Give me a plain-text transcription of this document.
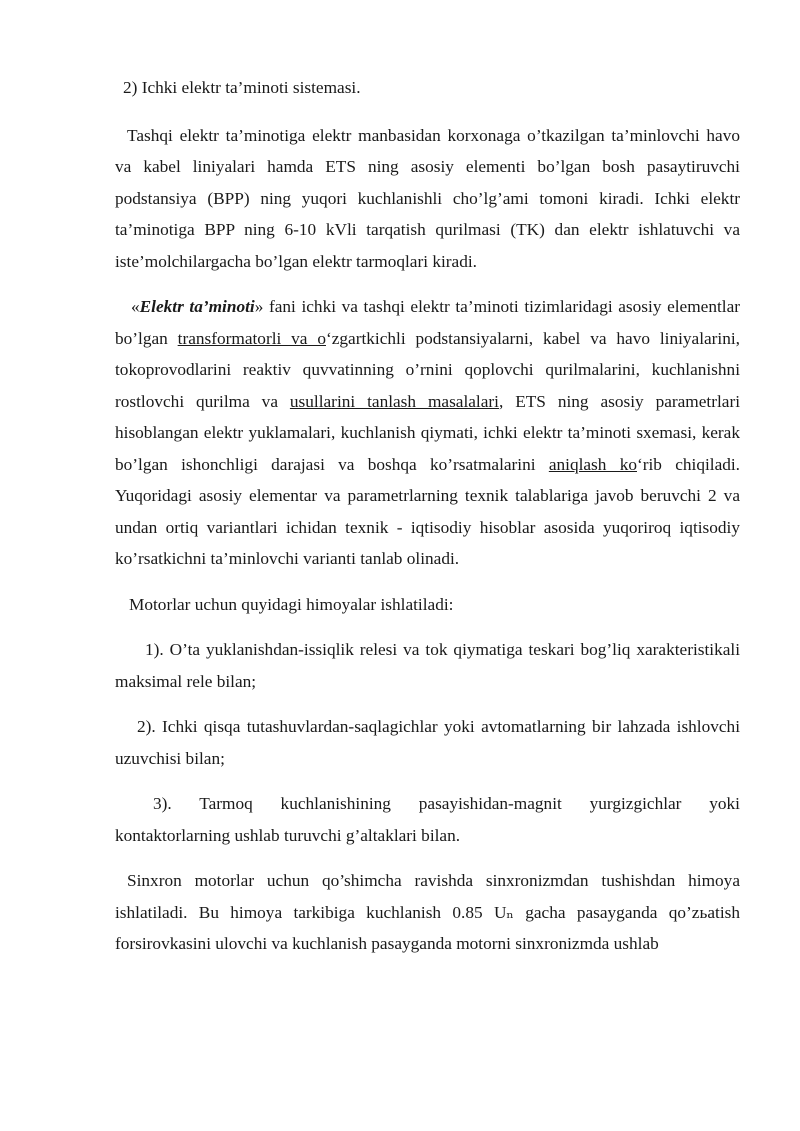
2) Ichki elektr ta’minoti sistemasi.

Tashqi elektr ta’minotiga elektr manbasidan korxonaga o’tkazilgan ta’minlovchi havo va kabel liniyalari hamda ETS ning asosiy elementi bo’lgan bosh pasaytiruvchi podstansiya (BPP) ning yuqori kuchlanishli cho’lg’ami tomoni kiradi. Ichki elektr ta’minotiga BPP ning 6-10 kVli tarqatish qurilmasi (TK) dan elektr ishlatuvchi va iste’molchilargacha bo’lgan elektr tarmoqlari kiradi.

«Elektr ta’minoti» fani ichki va tashqi elektr ta’minoti tizimlaridagi asosiy elementlar bo’lgan transformatorli va o‘zgartkichli podstansiyalarni, kabel va havo liniyalarini, tokoprovodlarini reaktiv quvvatinning o’rnini qoplovchi qurilmalarini, kuchlanishni rostlovchi qurilma va usullarini tanlash masalalari, ETS ning asosiy parametrlari hisoblangan elektr yuklamalari, kuchlanish qiymati, ichki elektr ta’minoti sxemasi, kerak bo’lgan ishonchligi darajasi va boshqa ko’rsatmalarini aniqlash ko‘rib chiqiladi. Yuqoridagi asosiy elementar va parametrlarning texnik talablariga javob beruvchi 2 va undan ortiq variantlari ichidan texnik - iqtisodiy hisoblar asosida yuqoriroq iqtisodiy ko’rsatkichni ta’minlovchi varianti tanlab olinadi.

Motorlar uchun quyidagi himoyalar ishlatiladi:

1). O’ta yuklanishdan-issiqlik relesi va tok qiymatiga teskari bog’liq xarakteristikali maksimal rele bilan;

2). Ichki qisqa tutashuvlardan-saqlagichlar yoki avtomatlarning bir lahzada ishlovchi uzuvchisi bilan;

3). Tarmoq kuchlanishining pasayishidan-magnit yurgizgichlar yoki kontaktorlarning ushlab turuvchi g’altaklari bilan.

Sinxron motorlar uchun qo’shimcha ravishda sinxronizmdan tushishdan himoya ishlatiladi. Bu himoya tarkibiga kuchlanish 0.85 Uₙ gacha pasayganda qo’zьatish forsirovkasini ulovchi va kuchlanish pasayganda motorni sinxronizmda ushlab
